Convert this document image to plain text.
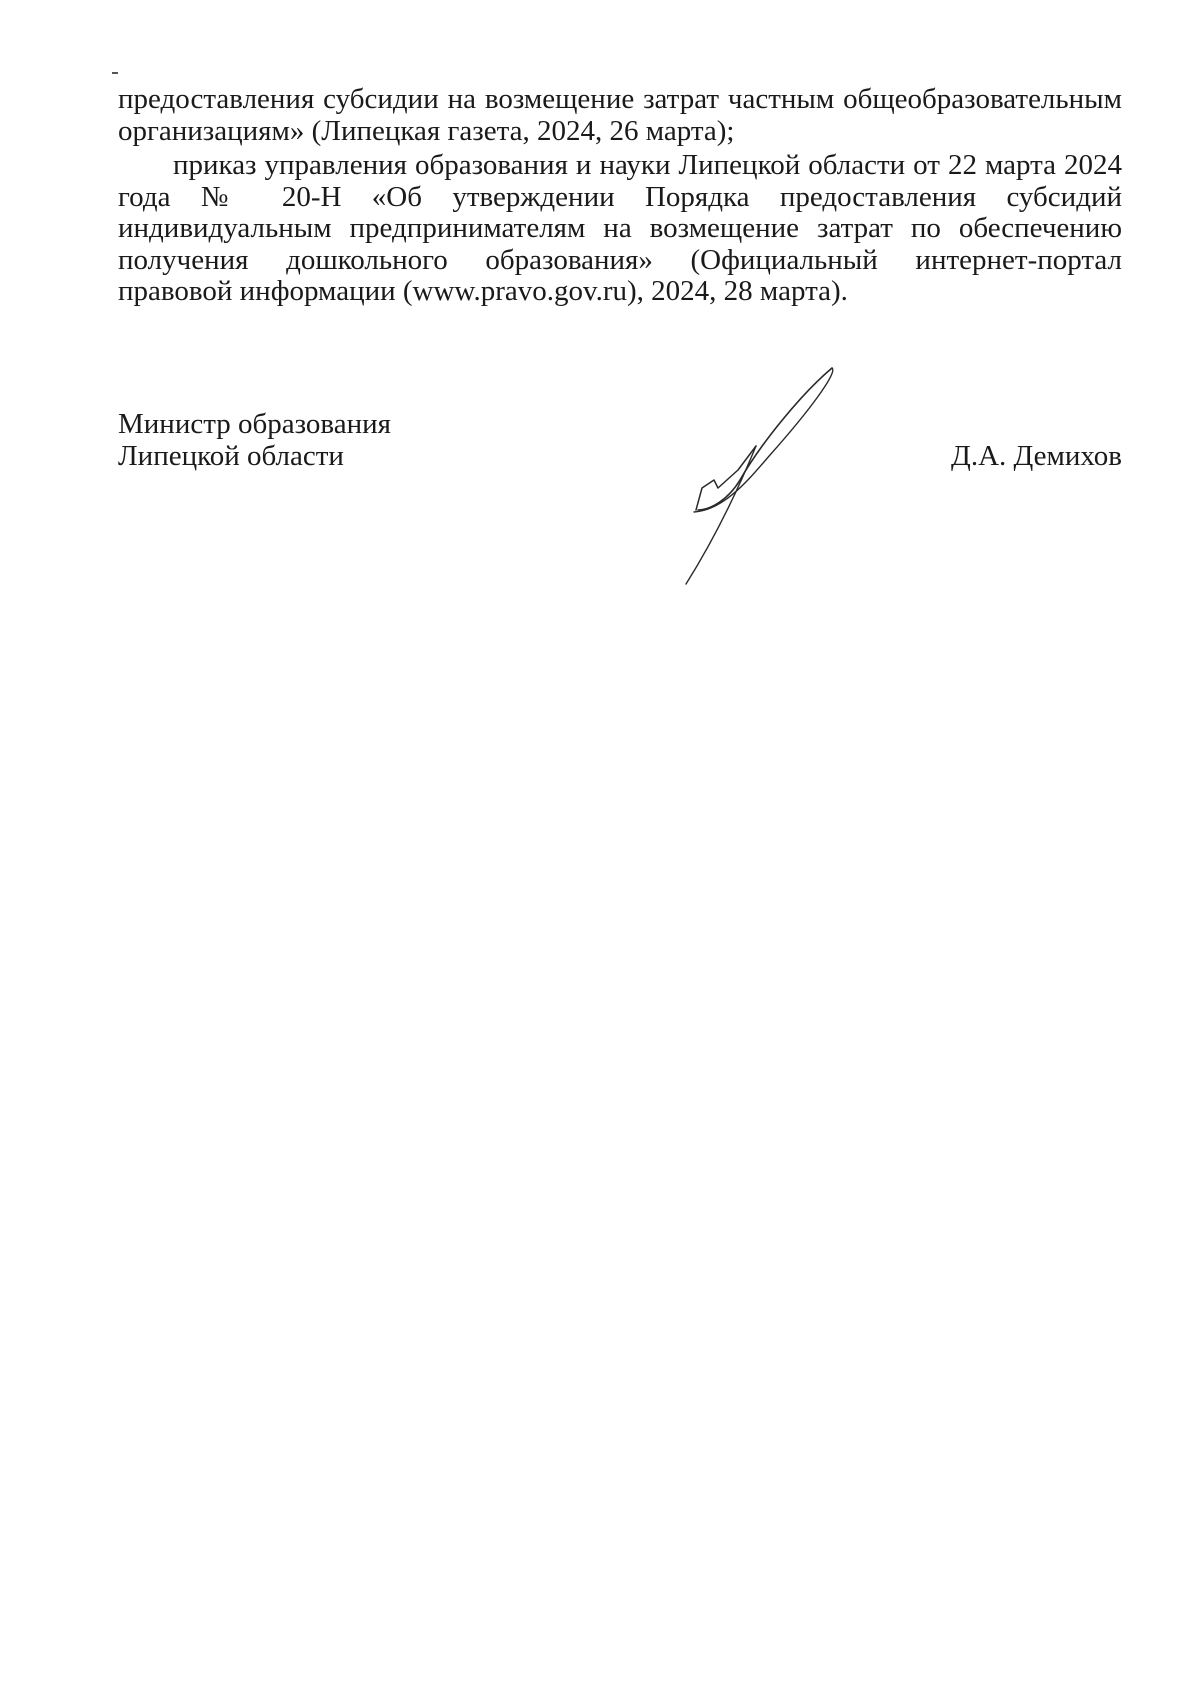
предоставления субсидии на возмещение затрат частным общеобразовательным организациям» (Липецкая газета, 2024, 26 марта);

приказ управления образования и науки Липецкой области от 22 марта 2024 года № 20-Н «Об утверждении Порядка предоставления субсидий индивидуальным предпринимателям на возмещение затрат по обеспечению получения дошкольного образования» (Официальный интернет-портал правовой информации (www.pravo.gov.ru), 2024, 28 марта).

Министр образования
Липецкой области	Д.А. Демихов
